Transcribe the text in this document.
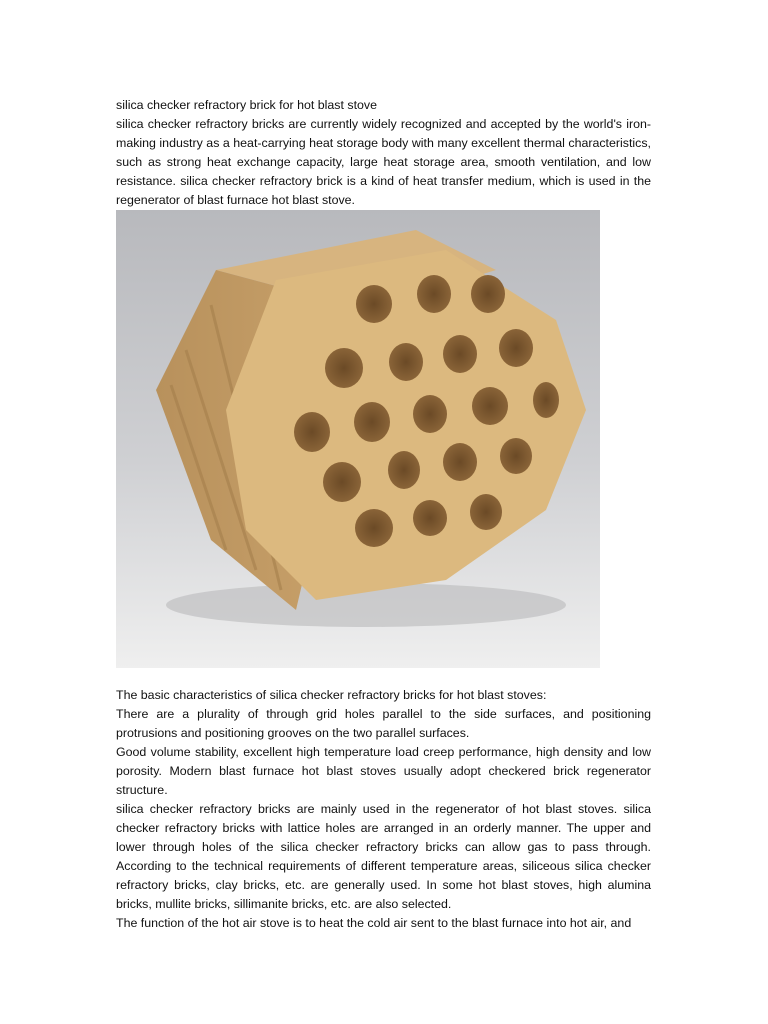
silica checker refractory brick for hot blast stove

silica checker refractory bricks are currently widely recognized and accepted by the world's iron-making industry as a heat-carrying heat storage body with many excellent thermal characteristics, such as strong heat exchange capacity, large heat storage area, smooth ventilation, and low resistance. silica checker refractory brick is a kind of heat transfer medium, which is used in the regenerator of blast furnace hot blast stove.

The basic characteristics of silica checker refractory bricks for hot blast stoves:

There are a plurality of through grid holes parallel to the side surfaces, and positioning protrusions and positioning grooves on the two parallel surfaces.

Good volume stability, excellent high temperature load creep performance, high density and low porosity. Modern blast furnace hot blast stoves usually adopt checkered brick regenerator structure.

silica checker refractory bricks are mainly used in the regenerator of hot blast stoves. silica checker refractory bricks with lattice holes are arranged in an orderly manner. The upper and lower through holes of the silica checker refractory bricks can allow gas to pass through. According to the technical requirements of different temperature areas, siliceous silica checker refractory bricks, clay bricks, etc. are generally used. In some hot blast stoves, high alumina bricks, mullite bricks, sillimanite bricks, etc. are also selected.

The function of the hot air stove is to heat the cold air sent to the blast furnace into hot air, and
